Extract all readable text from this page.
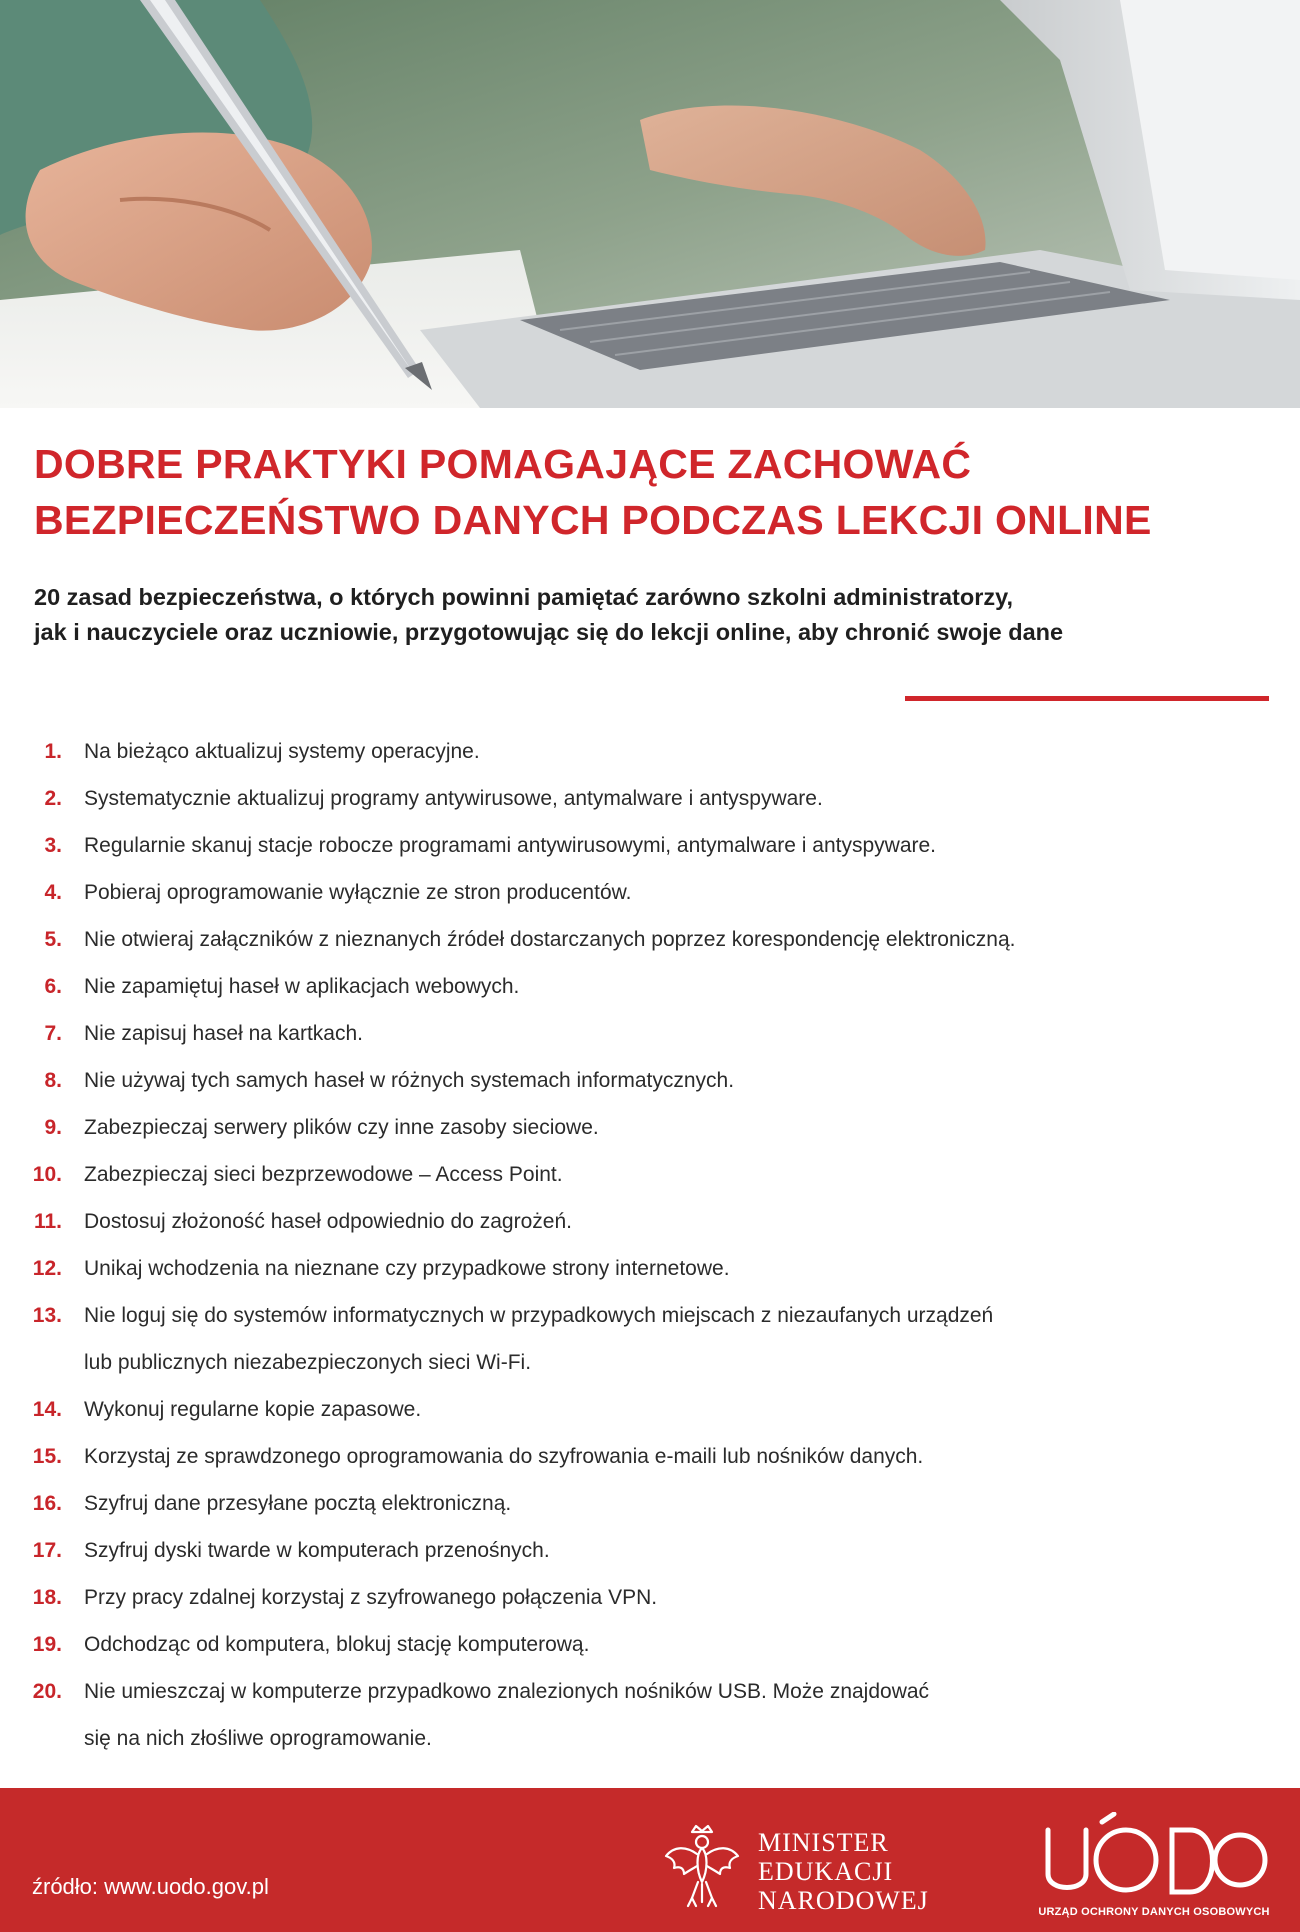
DOBRE PRAKTYKI POMAGAJĄCE ZACHOWAĆ
BEZPIECZEŃSTWO DANYCH PODCZAS LEKCJI ONLINE

20 zasad bezpieczeństwa, o których powinni pamiętać zarówno szkolni administratorzy,
jak i nauczyciele oraz uczniowie, przygotowując się do lekcji online, aby chronić swoje dane

1. Na bieżąco aktualizuj systemy operacyjne.
2. Systematycznie aktualizuj programy antywirusowe, antymalware i antyspyware.
3. Regularnie skanuj stacje robocze programami antywirusowymi, antymalware i antyspyware.
4. Pobieraj oprogramowanie wyłącznie ze stron producentów.
5. Nie otwieraj załączników z nieznanych źródeł dostarczanych poprzez korespondencję elektroniczną.
6. Nie zapamiętuj haseł w aplikacjach webowych.
7. Nie zapisuj haseł na kartkach.
8. Nie używaj tych samych haseł w różnych systemach informatycznych.
9. Zabezpieczaj serwery plików czy inne zasoby sieciowe.
10. Zabezpieczaj sieci bezprzewodowe – Access Point.
11. Dostosuj złożoność haseł odpowiednio do zagrożeń.
12. Unikaj wchodzenia na nieznane czy przypadkowe strony internetowe.
13. Nie loguj się do systemów informatycznych w przypadkowych miejscach z niezaufanych urządzeń
lub publicznych niezabezpieczonych sieci Wi-Fi.
14. Wykonuj regularne kopie zapasowe.
15. Korzystaj ze sprawdzonego oprogramowania do szyfrowania e-maili lub nośników danych.
16. Szyfruj dane przesyłane pocztą elektroniczną.
17. Szyfruj dyski twarde w komputerach przenośnych.
18. Przy pracy zdalnej korzystaj z szyfrowanego połączenia VPN.
19. Odchodząc od komputera, blokuj stację komputerową.
20. Nie umieszczaj w komputerze przypadkowo znalezionych nośników USB. Może znajdować
się na nich złośliwe oprogramowanie.
źródło: www.uodo.gov.pl
MINISTER
EDUKACJI
NARODOWEJ	URZĄD OCHRONY DANYCH OSOBOWYCH
